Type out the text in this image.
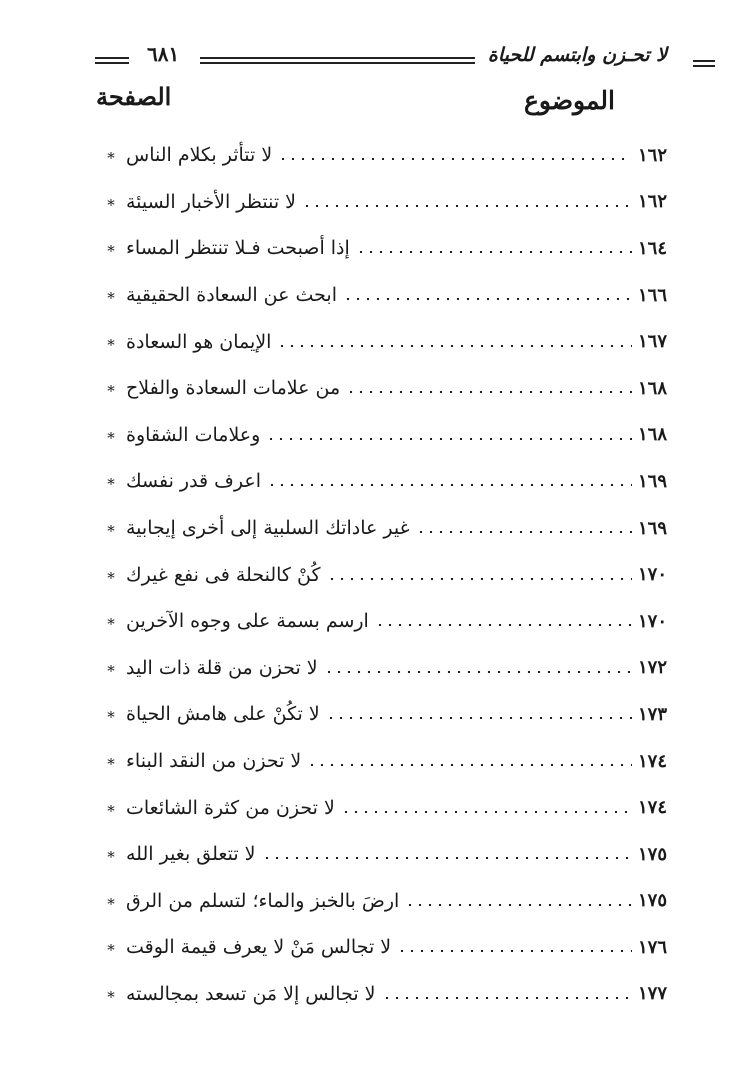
لا تحـزن وابتسم للحياة
٦٨١
الموضوع
الصفحة
* لا تتأثر بكلام الناس	١٦٢
* لا تنتظر الأخبار السيئة	١٦٢
* إذا أصبحت فـلا تنتظر المساء	١٦٤
* ابحث عن السعادة الحقيقية	١٦٦
* الإيمان هو السعادة	١٦٧
* من علامات السعادة والفلاح	١٦٨
* وعلامات الشقاوة	١٦٨
* اعرف قدر نفسك	١٦٩
* غير عاداتك السلبية إلى أخرى إيجابية	١٦٩
* كُنْ كالنحلة فى نفع غيرك	١٧٠
* ارسم بسمة على وجوه الآخرين	١٧٠
* لا تحزن من قلة ذات اليد	١٧٢
* لا تكُنْ على هامش الحياة	١٧٣
* لا تحزن من النقد البناء	١٧٤
* لا تحزن من كثرة الشائعات	١٧٤
* لا تتعلق بغير الله	١٧٥
* ارضَ بالخبز والماء؛ لتسلم من الرق	١٧٥
* لا تجالس مَنْ لا يعرف قيمة الوقت	١٧٦
* لا تجالس إلا مَن تسعد بمجالسته	١٧٧
